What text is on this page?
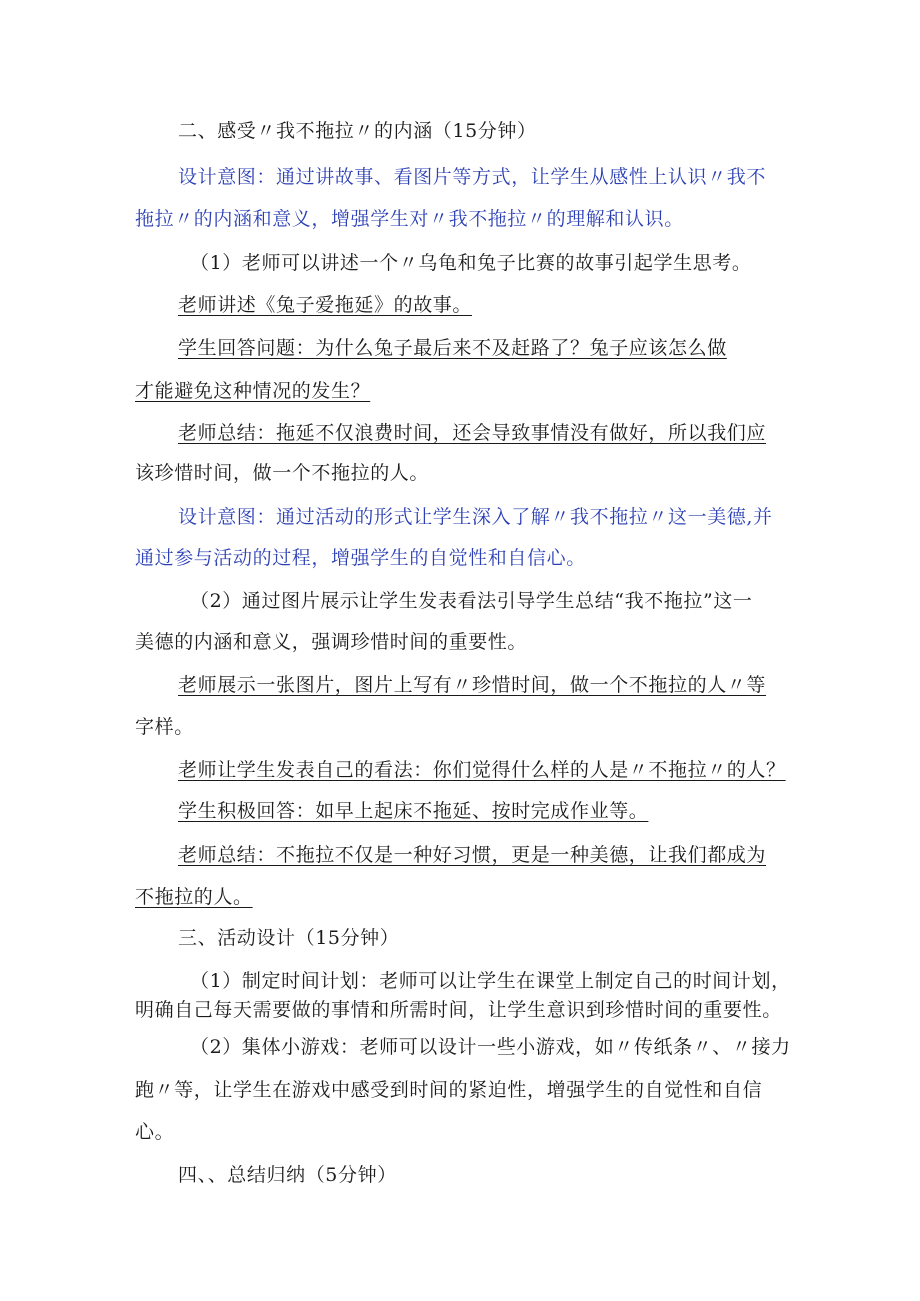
二、感受〃我不拖拉〃的内涵（15分钟）
设计意图：通过讲故事、看图片等方式，让学生从感性上认识〃我不
拖拉〃的内涵和意义，增强学生对〃我不拖拉〃的理解和认识。
（1）老师可以讲述一个〃乌龟和兔子比赛的故事引起学生思考。
老师讲述《兔子爱拖延》的故事。
学生回答问题：为什么兔子最后来不及赶路了？兔子应该怎么做
才能避免这种情况的发生？
老师总结：拖延不仅浪费时间，还会导致事情没有做好，所以我们应
该珍惜时间，做一个不拖拉的人。
设计意图：通过活动的形式让学生深入了解〃我不拖拉〃这一美德,并
通过参与活动的过程，增强学生的自觉性和自信心。
（2）通过图片展示让学生发表看法引导学生总结“我不拖拉”这一
美德的内涵和意义，强调珍惜时间的重要性。
老师展示一张图片，图片上写有〃珍惜时间，做一个不拖拉的人〃等
字样。
老师让学生发表自己的看法：你们觉得什么样的人是〃不拖拉〃的人？
学生积极回答：如早上起床不拖延、按时完成作业等。
老师总结：不拖拉不仅是一种好习惯，更是一种美德，让我们都成为
不拖拉的人。
三、活动设计（15分钟）
（1）制定时间计划：老师可以让学生在课堂上制定自己的时间计划，
明确自己每天需要做的事情和所需时间，让学生意识到珍惜时间的重要性。
（2）集体小游戏：老师可以设计一些小游戏，如〃传纸条〃、〃接力
跑〃等，让学生在游戏中感受到时间的紧迫性，增强学生的自觉性和自信
心。
四、、总结归纳（5分钟）
